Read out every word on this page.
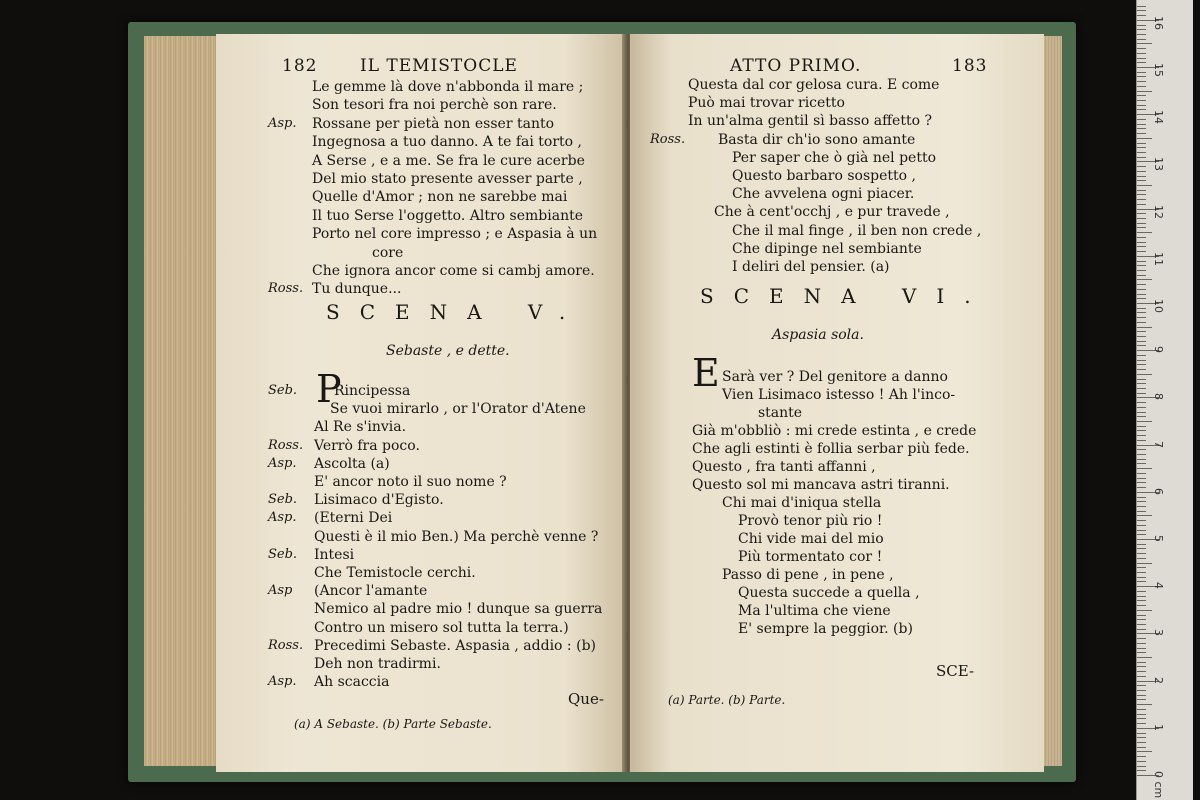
182	IL TEMISTOCLE
Le gemme là dove n'abbonda il mare ;
Son tesori fra noi perchè son rare.
Asp. Rossane per pietà non esser tanto
Ingegnosa a tuo danno. A te fai torto ,
A Serse , e a me. Se fra le cure acerbe
Del mio stato presente avesser parte ,
Quelle d'Amor ; non ne sarebbe mai
Il tuo Serse l'oggetto. Altro sembiante
Porto nel core impresso ; e Aspasia à un
core
Che ignora ancor come si cambj amore.
Ross. Tu dunque...
SCENA V.
Sebaste , e dette.
P
Seb.	Rincipessa
Se vuoi mirarlo , or l'Orator d'Atene
Al Re s'invia.
Ross. Verrò fra poco.
Asp. Ascolta (a)
E' ancor noto il suo nome ?
Seb. Lisimaco d'Egisto.
Asp. (Eterni Dei
Questi è il mio Ben.) Ma perchè venne ?
Seb. Intesi
Che Temistocle cerchi.
Asp (Ancor l'amante
Nemico al padre mio ! dunque sa guerra
Contro un misero sol tutta la terra.)
Ross. Precedimi Sebaste. Aspasia , addio : (b)
Deh non tradirmi.
Asp. Ah scaccia
Que-
(a) A Sebaste. (b) Parte Sebaste.
ATTO PRIMO.	183
Questa dal cor gelosa cura. E come
Può mai trovar ricetto
In un'alma gentil sì basso affetto ?
Ross. Basta dir ch'io sono amante
Per saper che ò già nel petto
Questo barbaro sospetto ,
Che avvelena ogni piacer.
Che à cent'occhj , e pur travede ,
Che il mal finge , il ben non crede ,
Che dipinge nel sembiante
I deliri del pensier. (a)
SCENA VI.
Aspasia sola.
E Sarà ver ? Del genitore a danno
Vien Lisimaco istesso ! Ah l'inco-
stante
Già m'obbliò : mi crede estinta , e crede
Che agli estinti è follia serbar più fede.
Questo , fra tanti affanni ,
Questo sol mi mancava astri tiranni.
Chi mai d'iniqua stella
Provò tenor più rio !
Chi vide mai del mio
Più tormentato cor !
Passo di pene , in pene ,
Questa succede a quella ,
Ma l'ultima che viene
E' sempre la peggior. (b)
SCE-
(a) Parte. (b) Parte.
0 cm
1
2
3
4
5
6
7
8
9
10
11
12
13
14
15
16
